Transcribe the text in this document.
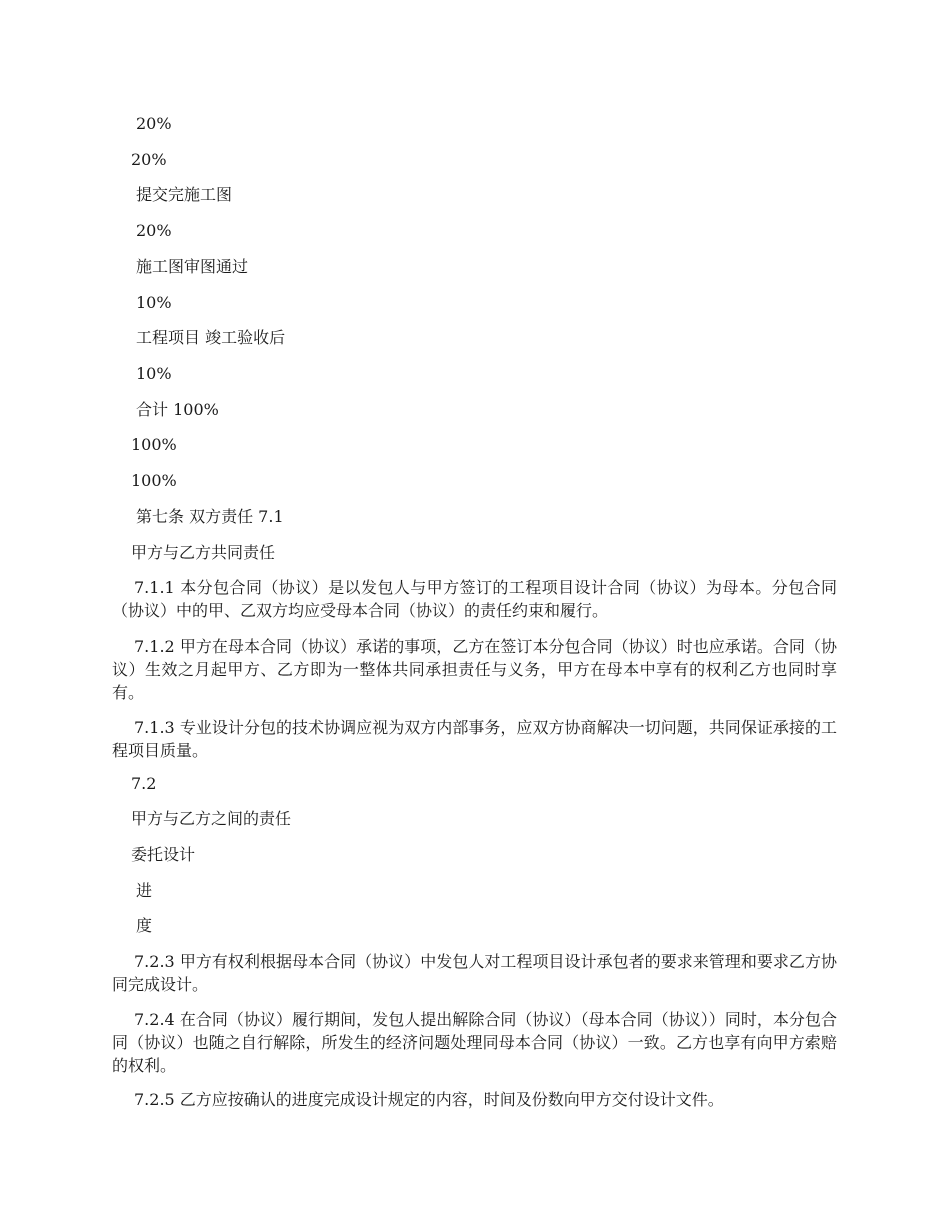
20%
20%
提交完施工图
20%
施工图审图通过
10%
工程项目 竣工验收后
10%
合计 100%
100%
100%
第七条 双方责任 7.1
甲方与乙方共同责任
7.1.1 本分包合同（协议）是以发包人与甲方签订的工程项目设计合同（协议）为母本。分包合同（协议）中的甲、乙双方均应受母本合同（协议）的责任约束和履行。
7.1.2 甲方在母本合同（协议）承诺的事项，乙方在签订本分包合同（协议）时也应承诺。合同（协议）生效之月起甲方、乙方即为一整体共同承担责任与义务，甲方在母本中享有的权利乙方也同时享有。
7.1.3 专业设计分包的技术协调应视为双方内部事务，应双方协商解决一切问题，共同保证承接的工程项目质量。
7.2
甲方与乙方之间的责任
委托设计
进
度
7.2.3 甲方有权利根据母本合同（协议）中发包人对工程项目设计承包者的要求来管理和要求乙方协同完成设计。
7.2.4 在合同（协议）履行期间，发包人提出解除合同（协议）（母本合同（协议））同时，本分包合同（协议）也随之自行解除，所发生的经济问题处理同母本合同（协议）一致。乙方也享有向甲方索赔的权利。
7.2.5 乙方应按确认的进度完成设计规定的内容，时间及份数向甲方交付设计文件。
